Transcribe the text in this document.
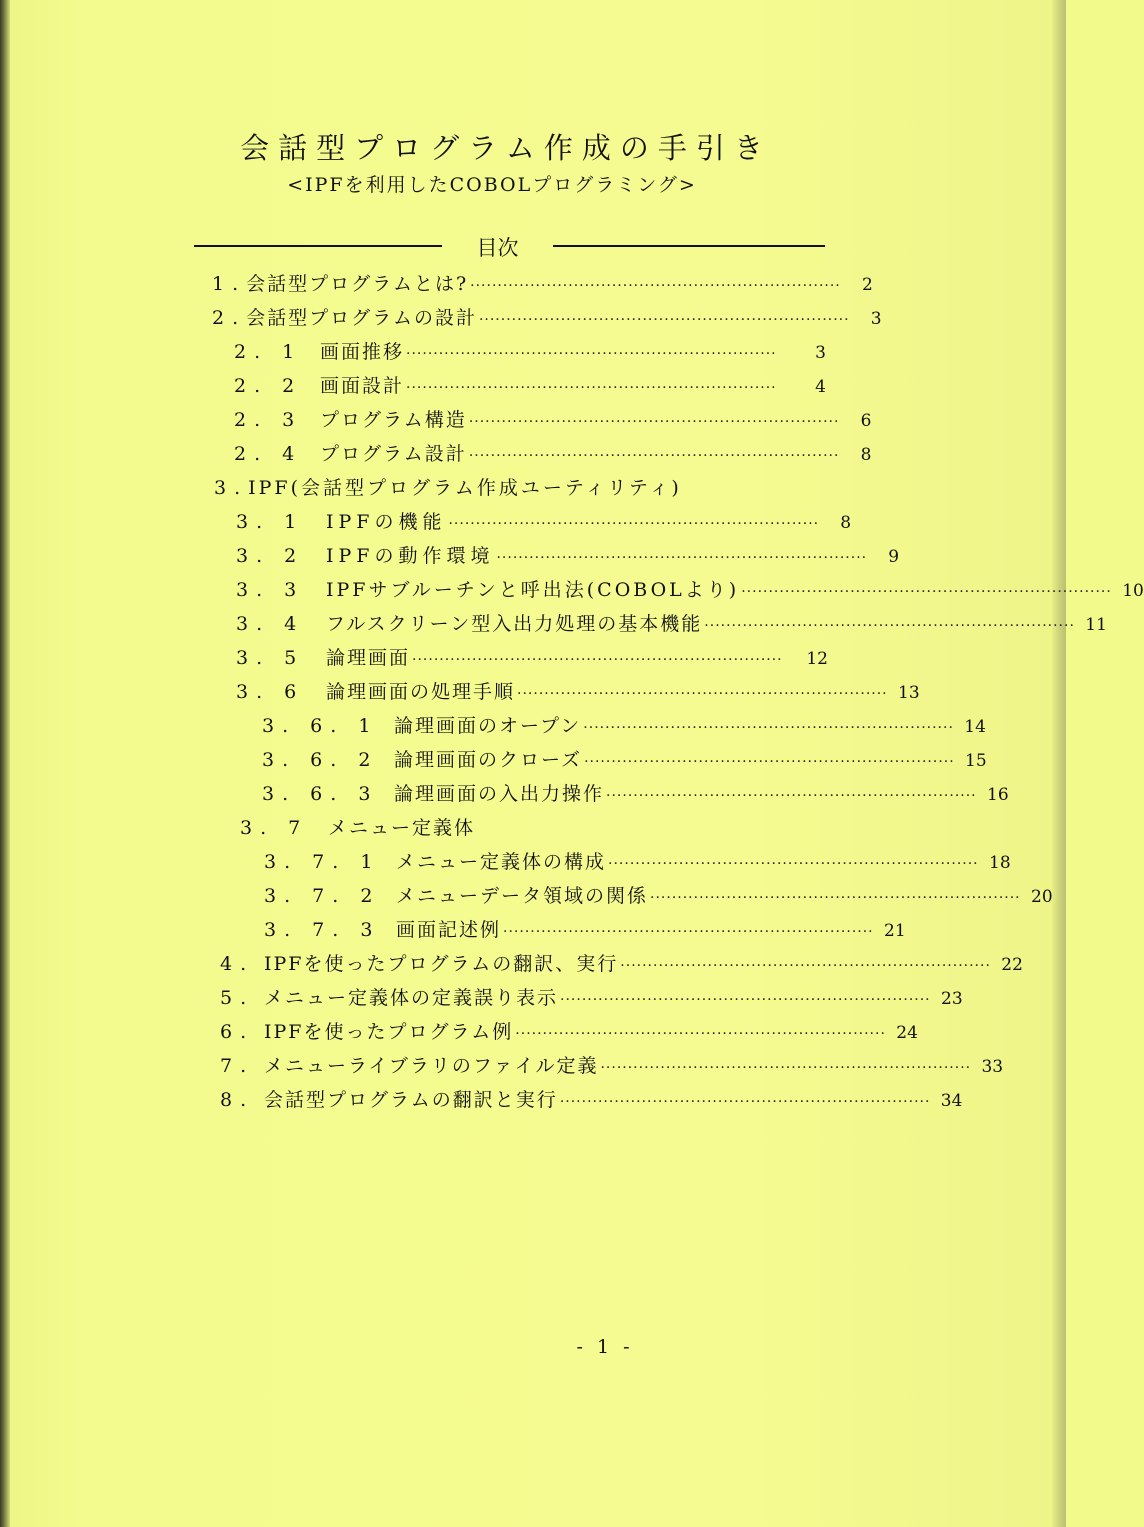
会話型プログラム作成の手引き
<IPFを利用したCOBOLプログラミング>
目次
1. 会話型プログラムとは? ····································································	2
2. 会話型プログラムの設計 ····································································	3
2. 1 画面推移 ····································································	3
2. 2 画面設計 ····································································	4
2. 3 プログラム構造 ····································································	6
2. 4 プログラム設計 ····································································	8
3. IPF(会話型プログラム作成ユーティリティ)
3. 1	IPFの機能 ····································································	8
3. 2	IPFの動作環境 ····································································	9
3. 3	IPFサブルーチンと呼出法(COBOLより) ···································································· 10
3. 4	フルスクリーン型入出力処理の基本機能 ···································································· 11
3. 5	論理画面 ····································································	12
3. 6	論理画面の処理手順 ···································································· 13
3. 6. 1 論理画面のオープン ···································································· 14
3. 6. 2 論理画面のクローズ ···································································· 15
3. 6. 3 論理画面の入出力操作 ···································································· 16
3. 7	メニュー定義体
3. 7. 1 メニュー定義体の構成 ···································································· 18
3. 7. 2 メニューデータ領域の関係 ···································································· 20
3. 7. 3 画面記述例 ···································································· 21
4. IPFを使ったプログラムの翻訳、実行 ···································································· 22
5. メニュー定義体の定義誤り表示 ···································································· 23
6. IPFを使ったプログラム例 ···································································· 24
7. メニューライブラリのファイル定義 ···································································· 33
8. 会話型プログラムの翻訳と実行 ···································································· 34
- 1 -
